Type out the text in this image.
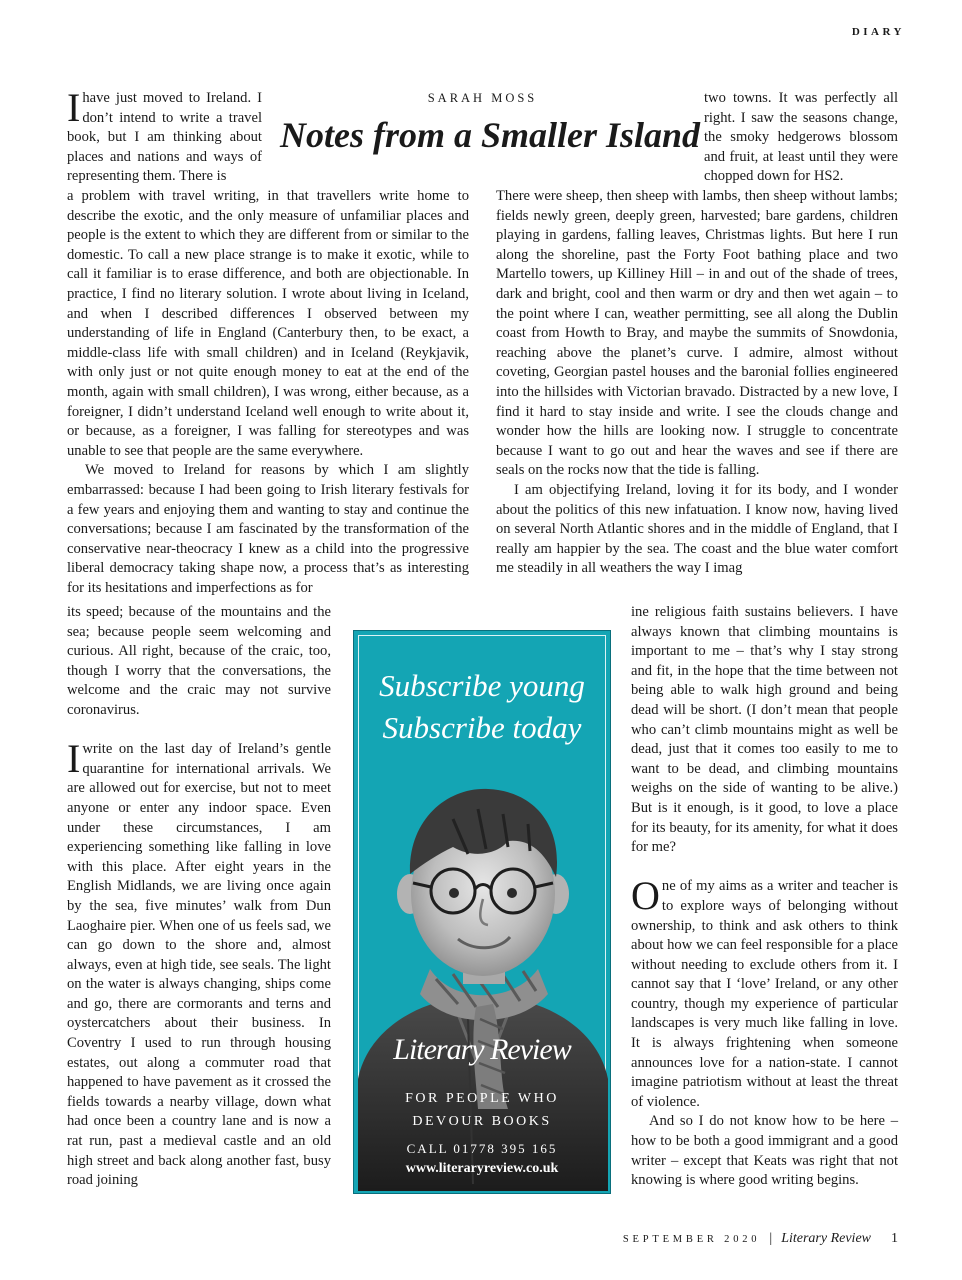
DIARY
SARAH MOSS
Notes from a Smaller Island

I have just moved to Ireland. I don’t intend to write a travel book, but I am thinking about places and nations and ways of representing them. There is

a problem with travel writing, in that travellers write home to describe the exotic, and the only measure of unfamiliar places and people is the extent to which they are different from or similar to the domestic. To call a new place strange is to make it exotic, while to call it familiar is to erase difference, and both are objectionable. In practice, I find no literary solution. I wrote about living in Iceland, and when I described differences I observed between my understanding of life in England (Canterbury then, to be exact, a middle-class life with small children) and in Iceland (Reykjavik, with only just or not quite enough money to eat at the end of the month, again with small children), I was wrong, either because, as a foreigner, I didn’t understand Iceland well enough to write about it, or because, as a foreigner, I was falling for stereotypes and was unable to see that people are the same everywhere.

We moved to Ireland for reasons by which I am slightly embarrassed: because I had been going to Irish literary festivals for a few years and enjoying them and wanting to stay and continue the conversations; because I am fascinated by the transformation of the conservative near-theocracy I knew as a child into the progressive liberal democracy taking shape now, a process that’s as interesting for its hesitations and imperfections as for

its speed; because of the mountains and the sea; because people seem welcoming and curious. All right, because of the craic, too, though I worry that the conversations, the welcome and the craic may not survive coronavirus.

I write on the last day of Ireland’s gentle quarantine for international arrivals. We are allowed out for exercise, but not to meet anyone or enter any indoor space. Even under these circumstances, I am experiencing something like falling in love with this place. After eight years in the English Midlands, we are living once again by the sea, five minutes’ walk from Dun Laoghaire pier. When one of us feels sad, we can go down to the shore and, almost always, even at high tide, see seals. The light on the water is always changing, ships come and go, there are cormorants and terns and oystercatchers about their business. In Coventry I used to run through housing estates, out along a commuter road that happened to have pavement as it crossed the fields towards a nearby village, down what had once been a country lane and is now a rat run, past a medieval castle and an old high street and back along another fast, busy road joining

two towns. It was perfectly all right. I saw the seasons change, the smoky hedgerows blossom and fruit, at least until they were chopped down for HS2.

There were sheep, then sheep with lambs, then sheep without lambs; fields newly green, deeply green, harvested; bare gardens, children playing in gardens, falling leaves, Christmas lights. But here I run along the shoreline, past the Forty Foot bathing place and two Martello towers, up Killiney Hill – in and out of the shade of trees, dark and bright, cool and then warm or dry and then wet again – to the point where I can, weather permitting, see all along the Dublin coast from Howth to Bray, and maybe the summits of Snowdonia, reaching above the planet’s curve. I admire, almost without coveting, Georgian pastel houses and the baronial follies engineered into the hillsides with Victorian bravado. Distracted by a new love, I find it hard to stay inside and write. I see the clouds change and wonder how the hills are looking now. I struggle to concentrate because I want to go out and hear the waves and see if there are seals on the rocks now that the tide is falling.

I am objectifying Ireland, loving it for its body, and I wonder about the politics of this new infatuation. I know now, having lived on several North Atlantic shores and in the middle of England, that I really am happier by the sea. The coast and the blue water comfort me steadily in all weathers the way I imag

ine religious faith sustains believers. I have always known that climbing mountains is important to me – that’s why I stay strong and fit, in the hope that the time between not being able to walk high ground and being dead will be short. (I don’t mean that people who can’t climb mountains might as well be dead, just that it comes too easily to me to want to be dead, and climbing mountains weighs on the side of wanting to be alive.) But is it enough, is it good, to love a place for its beauty, for its amenity, for what it does for me?

One of my aims as a writer and teacher is to explore ways of belonging without ownership, to think and ask others to think about how we can feel responsible for a place without needing to exclude others from it. I cannot say that I ‘love’ Ireland, or any other country, though my experience of particular landscapes is very much like falling in love. It is always frightening when someone announces love for a nation-state. I cannot imagine patriotism without at least the threat of violence.

And so I do not know how to be here – how to be both a good immigrant and a good writer – except that Keats was right that not knowing is where good writing begins.

Subscribe young
Subscribe today
Literary Review
FOR PEOPLE WHO
DEVOUR BOOKS
CALL 01778 395 165
www.literaryreview.co.uk
SEPTEMBER 2020 | Literary Review 1
